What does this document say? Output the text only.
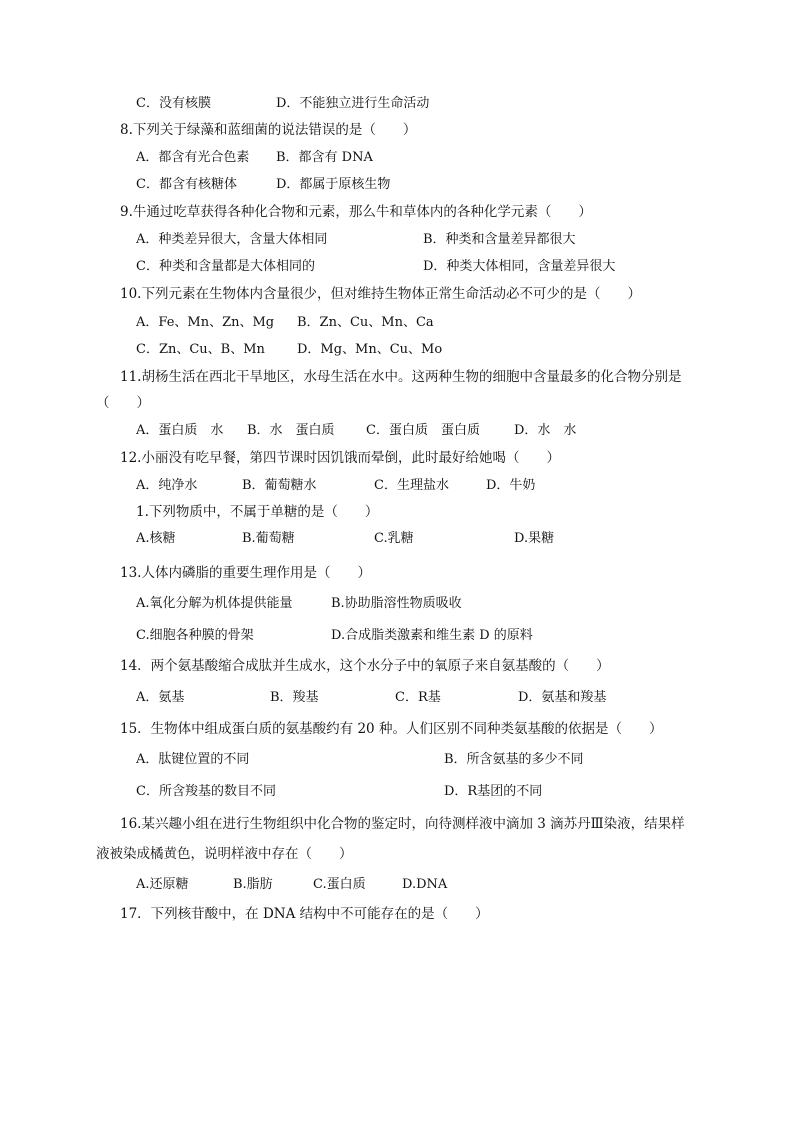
C．没有核膜	D．不能独立进行生命活动
8.下列关于绿藻和蓝细菌的说法错误的是（　　）
A．都含有光合色素 B．都含有 DNA
C．都含有核糖体	D．都属于原核生物
9.牛通过吃草获得各种化合物和元素，那么牛和草体内的各种化学元素（　　）
A．种类差异很大，含量大体相同	B．种类和含量差异都很大
C．种类和含量都是大体相同的	D．种类大体相同，含量差异很大
10.下列元素在生物体内含量很少，但对维持生物体正常生命活动必不可少的是（　　）
A．Fe、Mn、Zn、Mg B．Zn、Cu、Mn、Ca
C．Zn、Cu、B、Mn D．Mg、Mn、Cu、Mo
11.胡杨生活在西北干旱地区，水母生活在水中。这两种生物的细胞中含量最多的化合物分别是
（　　）
A．蛋白质　水 B．水　蛋白质 C．蛋白质　蛋白质	D．水　水
12.小丽没有吃早餐，第四节课时因饥饿而晕倒，此时最好给她喝（　　）
A．纯净水	B．葡萄糖水	C．生理盐水	D．牛奶
1.下列物质中，不属于单糖的是（　　）
A.核糖	B.葡萄糖	C.乳糖	D.果糖
13.人体内磷脂的重要生理作用是（　　）
A.氧化分解为机体提供能量	B.协助脂溶性物质吸收
C.细胞各种膜的骨架	D.合成脂类激素和维生素 D 的原料
14．两个氨基酸缩合成肽并生成水，这个水分子中的氧原子来自氨基酸的（　　）
A．氨基	B．羧基	C．R基	D．氨基和羧基
15．生物体中组成蛋白质的氨基酸约有 20 种。人们区别不同种类氨基酸的依据是（　　）
A．肽键位置的不同	B．所含氨基的多少不同
C．所含羧基的数目不同	D．R基团的不同
16.某兴趣小组在进行生物组织中化合物的鉴定时，向待测样液中滴加 3 滴苏丹Ⅲ染液，结果样
液被染成橘黄色，说明样液中存在（　　）
A.还原糖	B.脂肪	C.蛋白质	D.DNA
17．下列核苷酸中，在 DNA 结构中不可能存在的是（　　）
